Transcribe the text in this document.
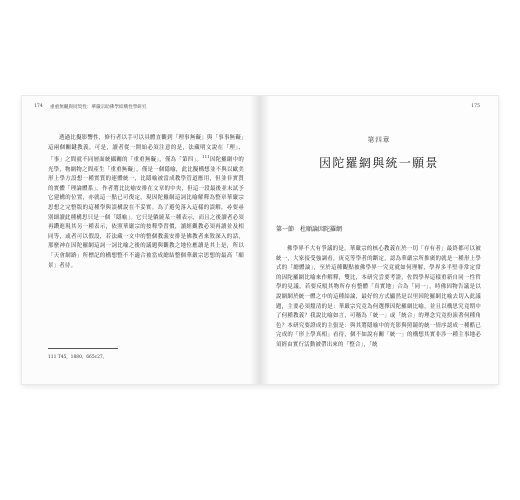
174 重重無礙與同契性：華嚴宗助佛學結構性學研究

透過比擬影響性，修行者以手可以具體直觀到「理事無礙」與「事事無礙」這兩個關鍵教義。可是，讀者從一開始必須注意的是，法藏明文說在「理」、「事」之間就不同層面統攝關的「重重無礙」，僅為「第四」。$^{111}$因陀羅網中的光學，物網物之間產生「重重無礙」，僅是一個隱喻，此比擬構想並不與以歐美形上學方設想一種實質的連體統一，比隱喻被當成教學管道應用，但並非實質的實體「理論體系」。作者將比比喻安排在文章的中央，但這一段最後並未試予它建構的位置，亦就這一點已可復定，現因陀羅網這詞比喻解釋為整章華嚴宗思想之完整版的這種學與誤構說在不妥實。為了避免落入這樣的誤解，尋要尋別細讀此種構思只是一個「隱喻」。它只是躺繞某一種表示，而且之後讀者必須再鑽進現其另一種表示，依照華嚴宗的按釋學習價，讀經觀教必須再讀並及相同等，或者可以假設，若法藏一文中的整個教義安排是佛教者來敘深入的話，那麼神在因陀羅網這詞一詞比喻之後的議題與觀教之地位應讀是其上是，所以「天會網路」所標記的構想整不不適合被當成總結整個華嚴宗思想的最高「願景」者待。

111 T45，1880，665c27。
175
第四章
因陀羅網與統一願景
第一節　杜順論因陀羅網

佛學界不大有爭議的是，華嚴宗的核心教義在於一切「存有者」最終都可以被統一，大家接受強調看，庚克等學者的斷定，認為華嚴宗所推廣的就是一種形上學式的「總體論」，至於這種觀點被佛學界一究竟就如何理解，學界多半堅非常定常的因陀羅網比喻來作解釋，雙比，本研究尝要考證，佐問學界這樣重新自同一性哲學的見議，若要反駁其物所存有整體「真實地」合為「同一」，時佛因物告議是以說網網於統一體之中的這種結論，最好的方式顯然是以里因陀羅網比喻去切入此議題，主要必須釐清的是：華嚴宗究竟為何選擇因陀羅網比喻，並且以構思究竟期中了何種教義？我說比喻如言，可稱為「統一」或「統合」的理念究竟扮演著何種角色？本研究要證成的主張是：與其將隱喻中的光影與照鏡的統一情序認成一種酷已完成的「形上學真相」看待，個不如說有關「統一」的構想其實非涉一種主事地必須經由實行活動被帶出來的「整合」，「統
